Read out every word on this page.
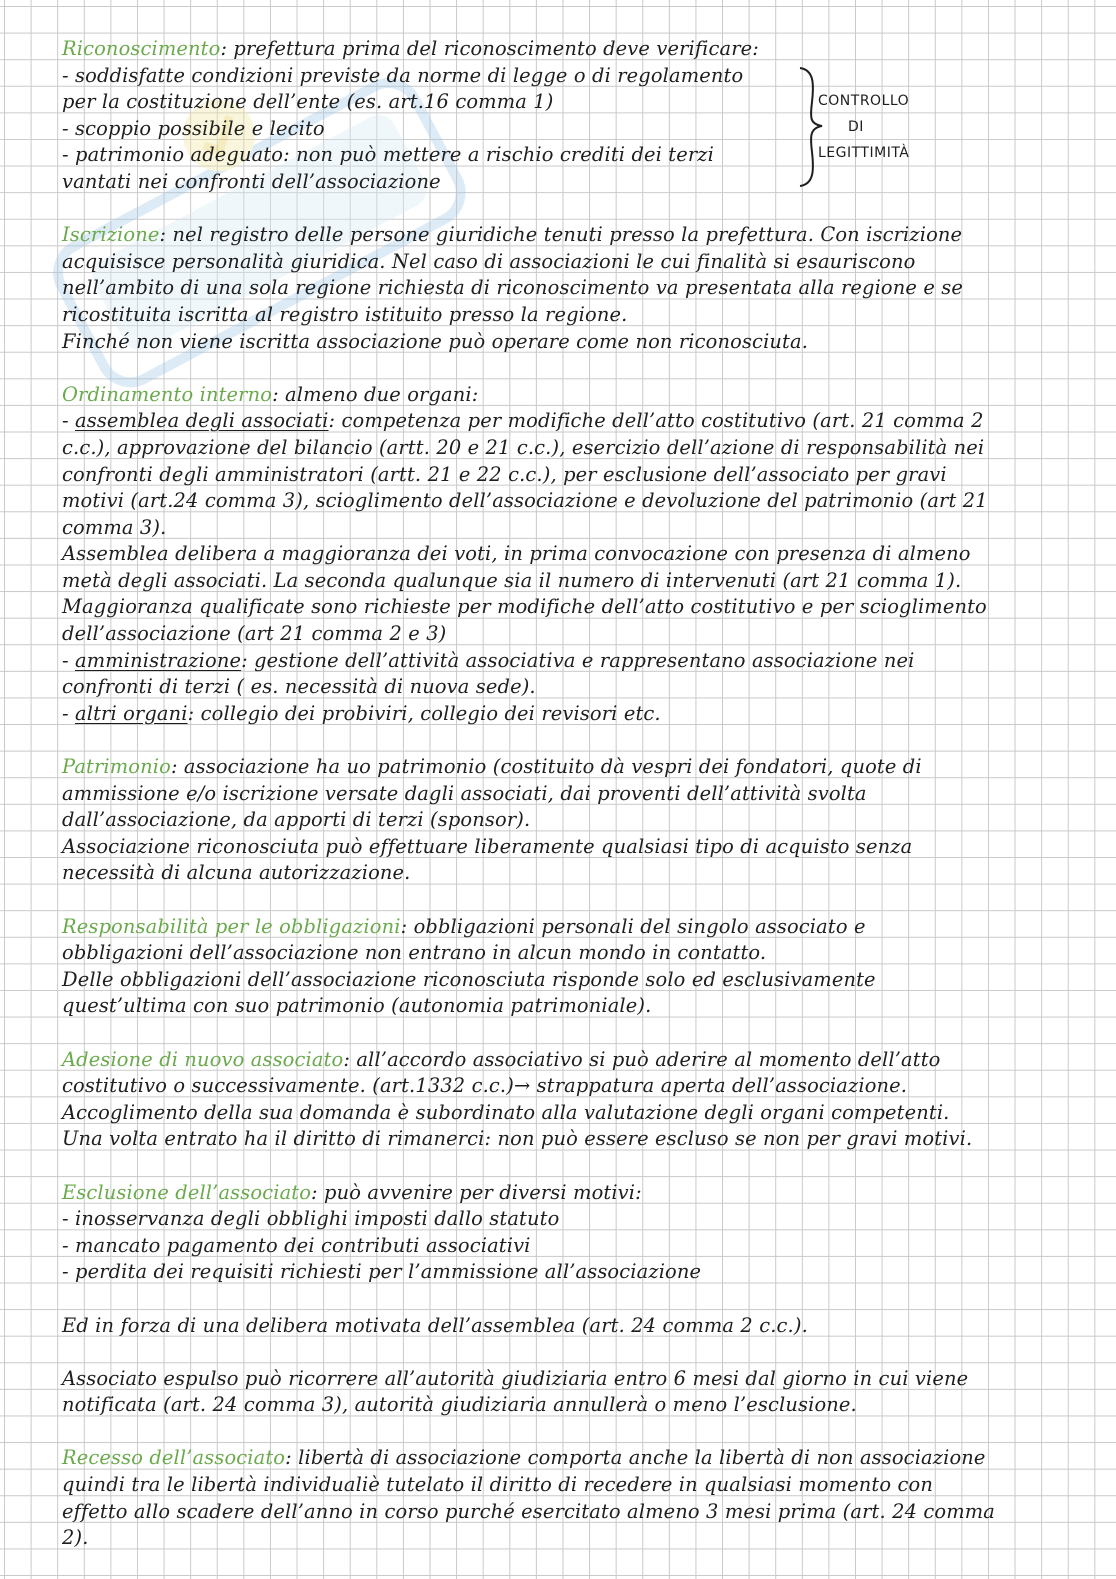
CONTROLLO
DI
LEGITTIMITÀ
Riconoscimento: prefettura prima del riconoscimento deve verificare:
- soddisfatte condizioni previste da norme di legge o di regolamento
per la costituzione dell’ente (es. art.16 comma 1)
- scoppio possibile e lecito
- patrimonio adeguato: non può mettere a rischio crediti dei terzi
vantati nei confronti dell’associazione
Iscrizione: nel registro delle persone giuridiche tenuti presso la prefettura. Con iscrizione
acquisisce personalità giuridica. Nel caso di associazioni le cui finalità si esauriscono
nell’ambito di una sola regione richiesta di riconoscimento va presentata alla regione e se
ricostituita iscritta al registro istituito presso la regione.
Finché non viene iscritta associazione può operare come non riconosciuta.
Ordinamento interno: almeno due organi:
- assemblea degli associati: competenza per modifiche dell’atto costitutivo (art. 21 comma 2
c.c.), approvazione del bilancio (artt. 20 e 21 c.c.), esercizio dell’azione di responsabilità nei
confronti degli amministratori (artt. 21 e 22 c.c.), per esclusione dell’associato per gravi
motivi (art.24 comma 3), scioglimento dell’associazione e devoluzione del patrimonio (art 21
comma 3).
Assemblea delibera a maggioranza dei voti, in prima convocazione con presenza di almeno
metà degli associati. La seconda qualunque sia il numero di intervenuti (art 21 comma 1).
Maggioranza qualificate sono richieste per modifiche dell’atto costitutivo e per scioglimento
dell’associazione (art 21 comma 2 e 3)
- amministrazione: gestione dell’attività associativa e rappresentano associazione nei
confronti di terzi ( es. necessità di nuova sede).
- altri organi: collegio dei probiviri, collegio dei revisori etc.
Patrimonio: associazione ha uo patrimonio (costituito dà vespri dei fondatori, quote di
ammissione e/o iscrizione versate dagli associati, dai proventi dell’attività svolta
dall’associazione, da apporti di terzi (sponsor).
Associazione riconosciuta può effettuare liberamente qualsiasi tipo di acquisto senza
necessità di alcuna autorizzazione.
Responsabilità per le obbligazioni: obbligazioni personali del singolo associato e
obbligazioni dell’associazione non entrano in alcun mondo in contatto.
Delle obbligazioni dell’associazione riconosciuta risponde solo ed esclusivamente
quest’ultima con suo patrimonio (autonomia patrimoniale).
Adesione di nuovo associato: all’accordo associativo si può aderire al momento dell’atto
costitutivo o successivamente. (art.1332 c.c.)→ strappatura aperta dell’associazione.
Accoglimento della sua domanda è subordinato alla valutazione degli organi competenti.
Una volta entrato ha il diritto di rimanerci: non può essere escluso se non per gravi motivi.
Esclusione dell’associato: può avvenire per diversi motivi:
- inosservanza degli obblighi imposti dallo statuto
- mancato pagamento dei contributi associativi
- perdita dei requisiti richiesti per l’ammissione all’associazione
Ed in forza di una delibera motivata dell’assemblea (art. 24 comma 2 c.c.).
Associato espulso può ricorrere all’autorità giudiziaria entro 6 mesi dal giorno in cui viene
notificata (art. 24 comma 3), autorità giudiziaria annullerà o meno l’esclusione.
Recesso dell’associato: libertà di associazione comporta anche la libertà di non associazione
quindi tra le libertà individualiè tutelato il diritto di recedere in qualsiasi momento con
effetto allo scadere dell’anno in corso purché esercitato almeno 3 mesi prima (art. 24 comma
2).
